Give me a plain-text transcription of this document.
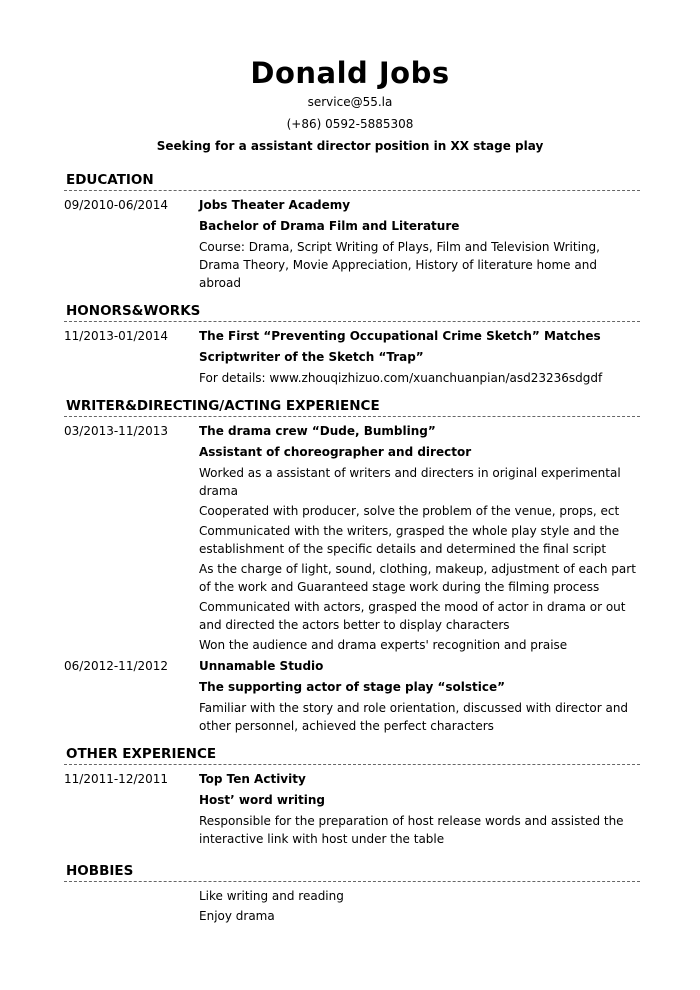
Donald Jobs
service@55.la
(+86) 0592-5885308
Seeking for a assistant director position in XX stage play
EDUCATION
09/2010-06/2014	Jobs Theater Academy
Bachelor of Drama Film and Literature
Course: Drama, Script Writing of Plays, Film and Television Writing, Drama Theory, Movie Appreciation, History of literature home and abroad
HONORS&WORKS
11/2013-01/2014	The First “Preventing Occupational Crime Sketch” Matches
Scriptwriter of the Sketch “Trap”
For details: www.zhouqizhizuo.com/xuanchuanpian/asd23236sdgdf
WRITER&DIRECTING/ACTING EXPERIENCE
03/2013-11/2013	The drama crew “Dude, Bumbling”
Assistant of choreographer and director
Worked as a assistant of writers and directers in original experimental drama
Cooperated with producer, solve the problem of the venue, props, ect
Communicated with the writers, grasped the whole play style and the establishment of the specific details and determined the final script
As the charge of light, sound, clothing, makeup, adjustment of each part of the work and Guaranteed stage work during the filming process
Communicated with actors, grasped the mood of actor in drama or out and directed the actors better to display characters
Won the audience and drama experts' recognition and praise
06/2012-11/2012	Unnamable Studio
The supporting actor of stage play “solstice”
Familiar with the story and role orientation, discussed with director and other personnel, achieved the perfect characters
OTHER EXPERIENCE
11/2011-12/2011	Top Ten Activity
Host’ word writing
Responsible for the preparation of host release words and assisted the interactive link with host under the table
HOBBIES
Like writing and reading
Enjoy drama
